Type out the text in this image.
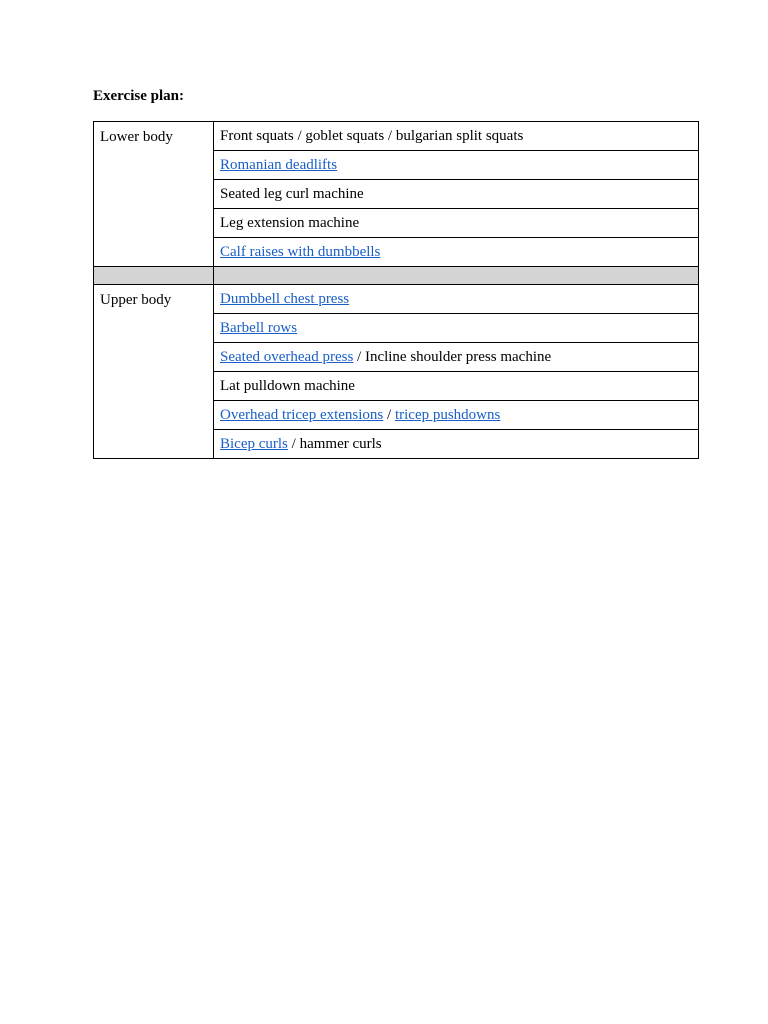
Exercise plan:
Lower body	Front squats / goblet squats / bulgarian split squats
	Romanian deadlifts
	Seated leg curl machine
	Leg extension machine
	Calf raises with dumbbells

Upper body	Dumbbell chest press
	Barbell rows
	Seated overhead press / Incline shoulder press machine
	Lat pulldown machine
	Overhead tricep extensions / tricep pushdowns
	Bicep curls / hammer curls
